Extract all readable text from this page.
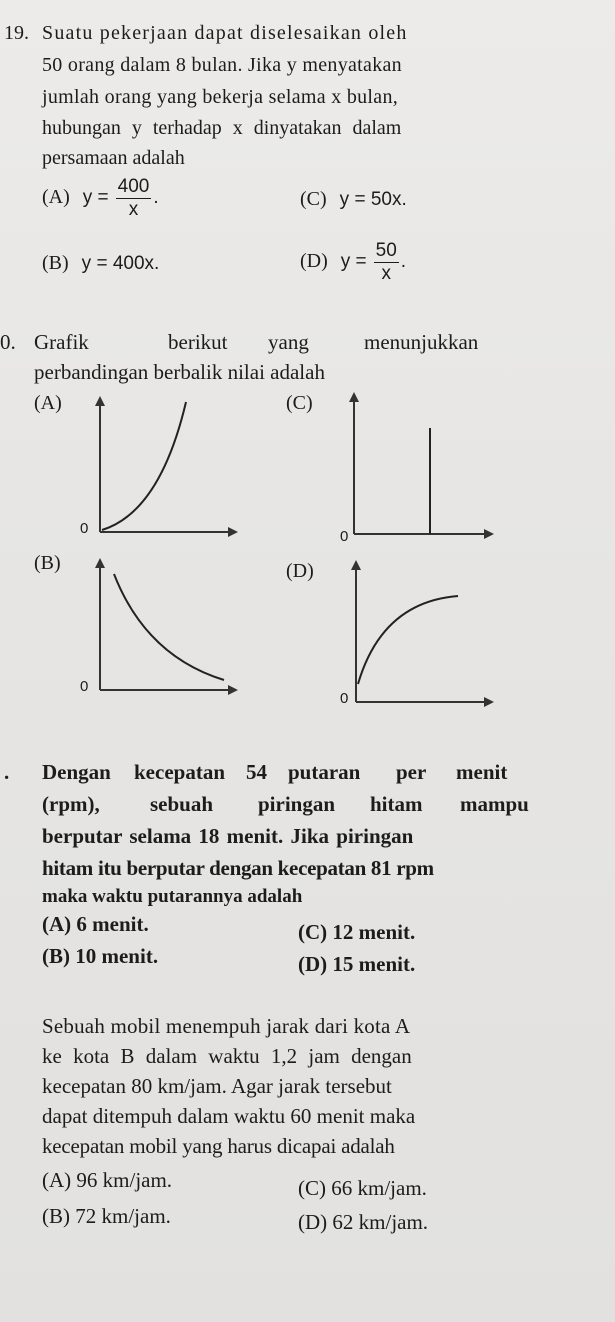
19. Suatu pekerjaan dapat diselesaikan oleh
50 orang dalam 8 bulan. Jika y menyatakan
jumlah orang yang bekerja selama x bulan,
hubungan y terhadap x dinyatakan dalam
persamaan adalah
(A) $y = \frac{400}{x}$ .	(C) y = 50x.
(B) y = 400x.	(D) $y = \frac{50}{x}$ .
0. Grafik	berikut yang	menunjukkan
perbandingan berbalik nilai adalah
(A)
0
(C)
0
(B)
0
(D)
0
. Dengan kecepatan 54 putaran per menit
(rpm), sebuah piringan hitam mampu
berputar selama 18 menit. Jika piringan
hitam itu berputar dengan kecepatan 81 rpm
maka waktu putarannya adalah
(A) 6 menit.	(C) 12 menit.
(B) 10 menit.	(D) 15 menit.
Sebuah mobil menempuh jarak dari kota A
ke kota B dalam waktu 1,2 jam dengan
kecepatan 80 km/jam. Agar jarak tersebut
dapat ditempuh dalam waktu 60 menit maka
kecepatan mobil yang harus dicapai adalah
(A) 96 km/jam.	(C) 66 km/jam.
(B) 72 km/jam.	(D) 62 km/jam.
